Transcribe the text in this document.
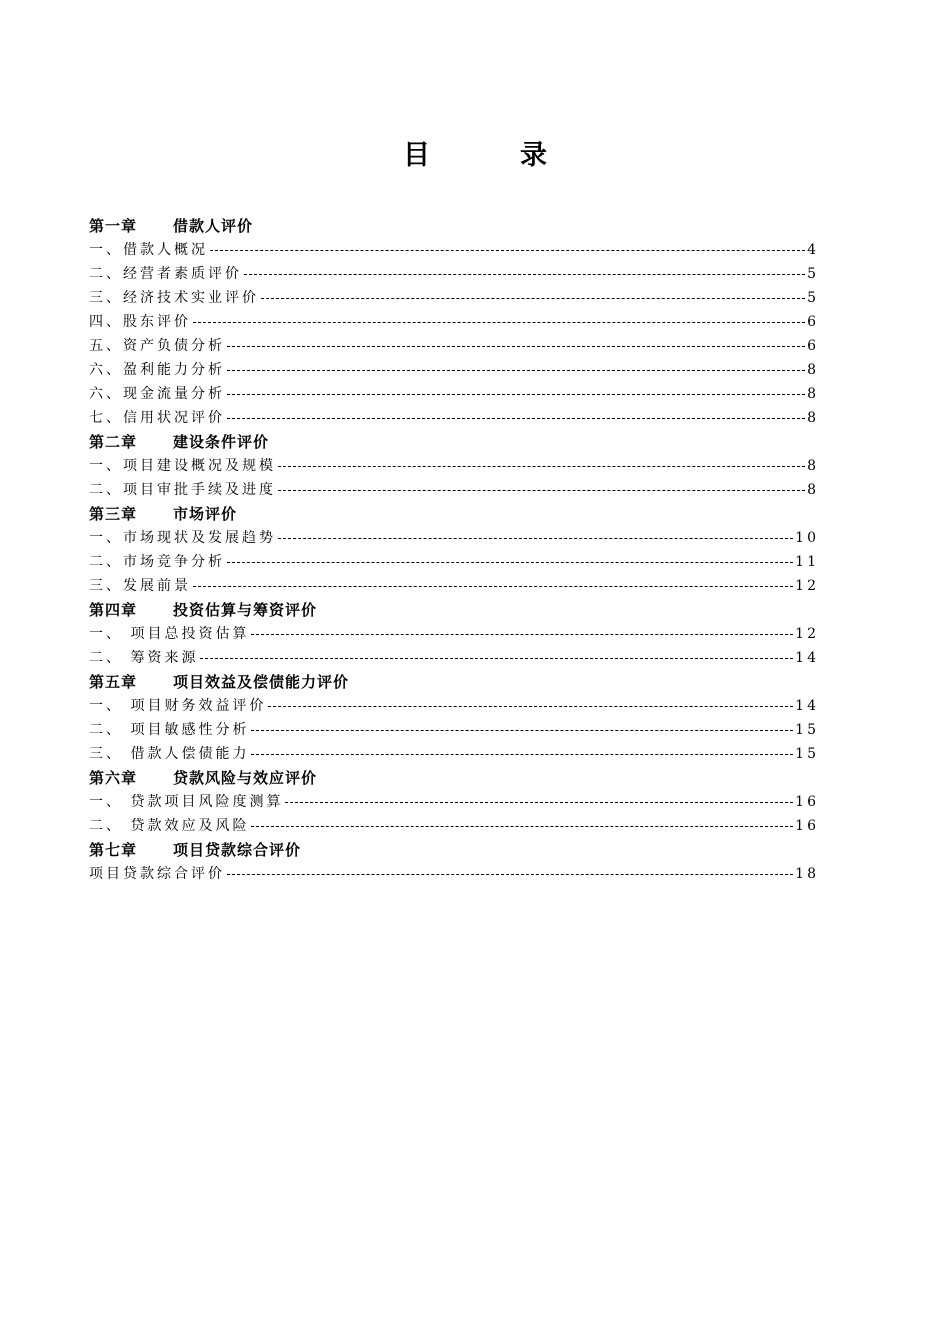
目	录
第一章 借款人评价
一、借款人概况	4
二、经营者素质评价	5
三、经济技术实业评价	5
四、股东评价	6
五、资产负债分析	6
六、盈利能力分析	8
六、现金流量分析	8
七、信用状况评价	8
第二章 建设条件评价
一、项目建设概况及规模	8
二、项目审批手续及进度	8
第三章 市场评价
一、市场现状及发展趋势	10
二、市场竞争分析	11
三、发展前景	12
第四章 投资估算与筹资评价
一、 项目总投资估算	12
二、 筹资来源	14
第五章 项目效益及偿债能力评价
一、 项目财务效益评价	14
二、 项目敏感性分析	15
三、 借款人偿债能力	15
第六章 贷款风险与效应评价
一、 贷款项目风险度测算	16
二、 贷款效应及风险	16
第七章 项目贷款综合评价
项目贷款综合评价	18
